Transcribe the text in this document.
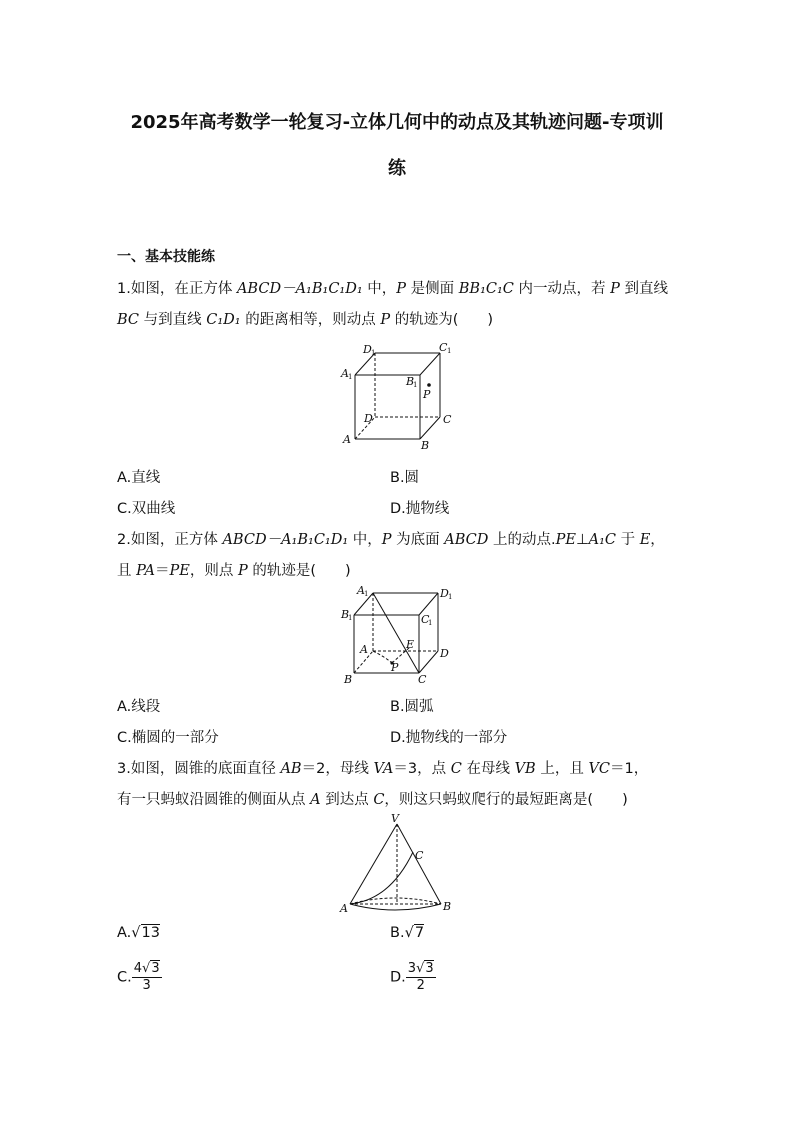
2025年高考数学一轮复习-立体几何中的动点及其轨迹问题-专项训
练
一、基本技能练
1.如图，在正方体 ABCD－A₁B₁C₁D₁ 中，P 是侧面 BB₁C₁C 内一动点，若 P 到直线
BC 与到直线 C₁D₁ 的距离相等，则动点 P 的轨迹为(　　)
D 1	C 1
A 1	B
1
P
D	C
A	B
A.直线	B.圆
C.双曲线	D.抛物线
2.如图，正方体 ABCD－A₁B₁C₁D₁ 中，P 为底面 ABCD 上的动点.PE⊥A₁C 于 E，
且 PA＝PE，则点 P 的轨迹是(　　)
A 1	D 1
B
1	C
1
E
A
P
D
B	C
A.线段	B.圆弧
C.椭圆的一部分	D.抛物线的一部分
3.如图，圆锥的底面直径 AB＝2，母线 VA＝3，点 C 在母线 VB 上，且 VC＝1，
有一只蚂蚁沿圆锥的侧面从点 A 到达点 C，则这只蚂蚁爬行的最短距离是(　　)
V
C
A	B
A.√13	B.√7
C. $\frac{4√3}{3}$	D. $\frac{3√3}{2}$
